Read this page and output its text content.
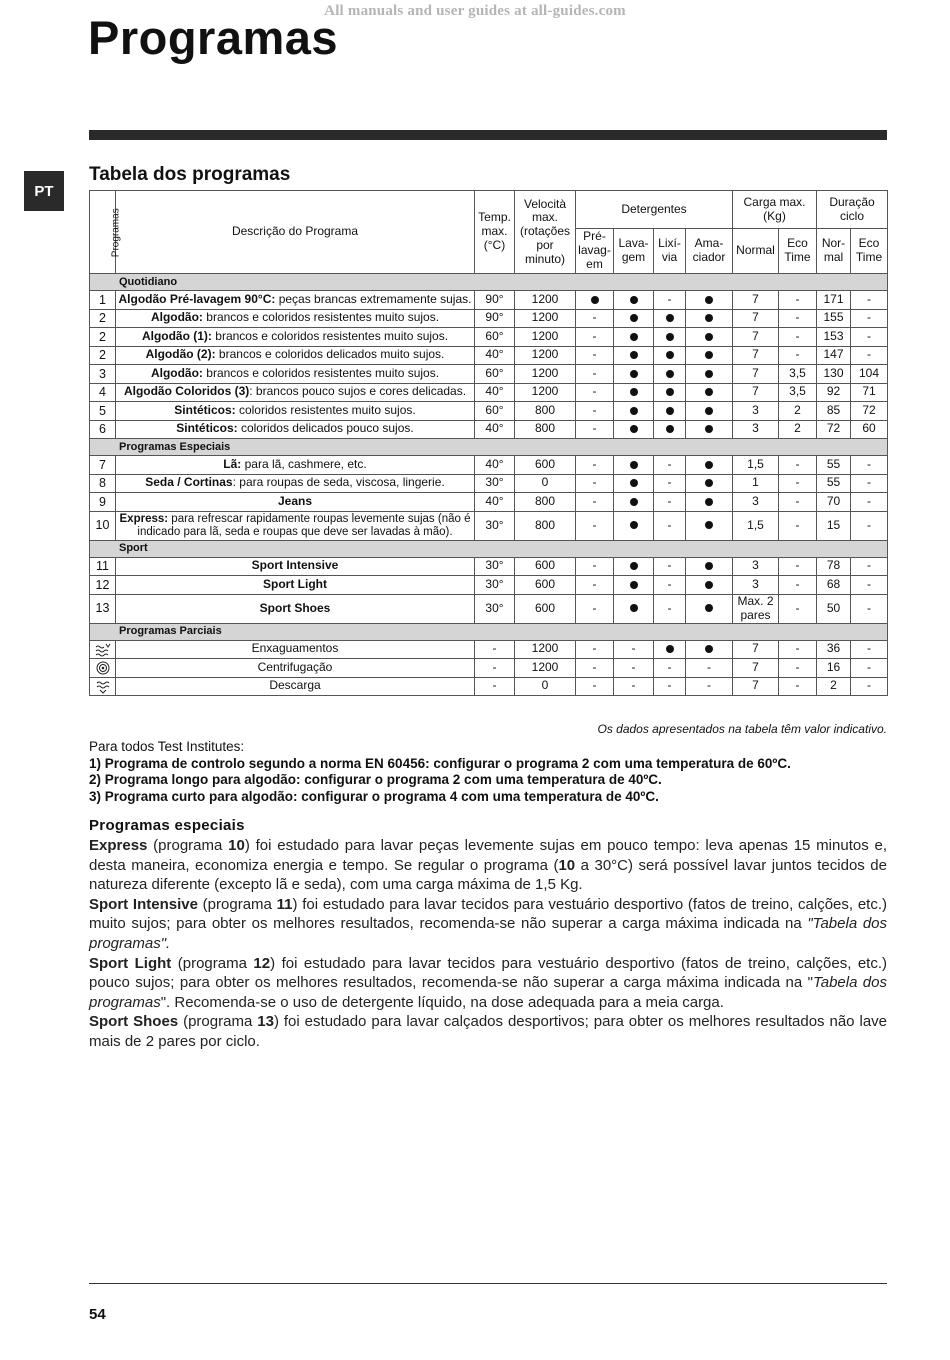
All manuals and user guides at all-guides.com
Programas
PT
Tabela dos programas
Programas	Descrição do Programa	Temp. max. (°C)	Velocità max. (rotações por minuto)	Detergentes				Carga max. (Kg)		Duração ciclo	
				Pré- lavag- em	Lava- gem	Lixí- via	Ama- ciador	Normal	Eco Time	Nor- mal	Eco Time
Quotidiano											
1	Algodão Pré-lavagem 90°C: peças brancas extremamente sujas.	90°	1200			-		7	-	171	-
2	Algodão: brancos e coloridos resistentes muito sujos.	90°	1200	-				7	-	155	-
2	Algodão (1): brancos e coloridos resistentes muito sujos.	60°	1200	-				7	-	153	-
2	Algodão (2): brancos e coloridos delicados muito sujos.	40°	1200	-				7	-	147	-
3	Algodão: brancos e coloridos resistentes muito sujos.	60°	1200	-				7	3,5	130	104
4	Algodão Coloridos (3): brancos pouco sujos e cores delicadas.	40°	1200	-				7	3,5	92	71
5	Sintéticos: coloridos resistentes muito sujos.	60°	800	-				3	2	85	72
6	Sintéticos: coloridos delicados pouco sujos.	40°	800	-				3	2	72	60
Programas Especiais											
7	Lã: para lã, cashmere, etc.	40°	600	-		-		1,5	-	55	-
8	Seda / Cortinas: para roupas de seda, viscosa, lingerie.	30°	0	-		-		1	-	55	-
9	Jeans	40°	800	-		-		3	-	70	-
10	Express: para refrescar rapidamente roupas levemente sujas (não é indicado para lã, seda e roupas que deve ser lavadas à mão).	30°	800	-		-		1,5	-	15	-
Sport											
11	Sport Intensive	30°	600	-		-		3	-	78	-
12	Sport Light	30°	600	-		-		3	-	68	-
13	Sport Shoes	30°	600	-		-		Max. 2 pares	-	50	-
Programas Parciais											
	Enxaguamentos	-	1200	-	-			7	-	36	-
	Centrifugação	-	1200	-	-	-	-	7	-	16	-
	Descarga	-	0	-	-	-	-	7	-	2	-
Os dados apresentados na tabela têm valor indicativo.
Para todos Test Institutes:
1) Programa de controlo segundo a norma EN 60456: configurar o programa 2 com uma temperatura de 60ºC.
2) Programa longo para algodão: configurar o programa 2 com uma temperatura de 40ºC.
3) Programa curto para algodão: configurar o programa 4 com uma temperatura de 40ºC.
Programas especiais

Express (programa 10) foi estudado para lavar peças levemente sujas em pouco tempo: leva apenas 15 minutos e, desta maneira, economiza energia e tempo. Se regular o programa (10 a 30°C) será possível lavar juntos tecidos de natureza diferente (excepto lã e seda), com uma carga máxima de 1,5 Kg.

Sport Intensive (programa 11) foi estudado para lavar tecidos para vestuário desportivo (fatos de treino, calções, etc.) muito sujos; para obter os melhores resultados, recomenda-se não superar a carga máxima indicada na "Tabela dos programas".

Sport Light (programa 12) foi estudado para lavar tecidos para vestuário desportivo (fatos de treino, calções, etc.) pouco sujos; para obter os melhores resultados, recomenda-se não superar a carga máxima indicada na "Tabela dos programas". Recomenda-se o uso de detergente líquido, na dose adequada para a meia carga.

Sport Shoes (programa 13) foi estudado para lavar calçados desportivos; para obter os melhores resultados não lave mais de 2 pares por ciclo.

54
